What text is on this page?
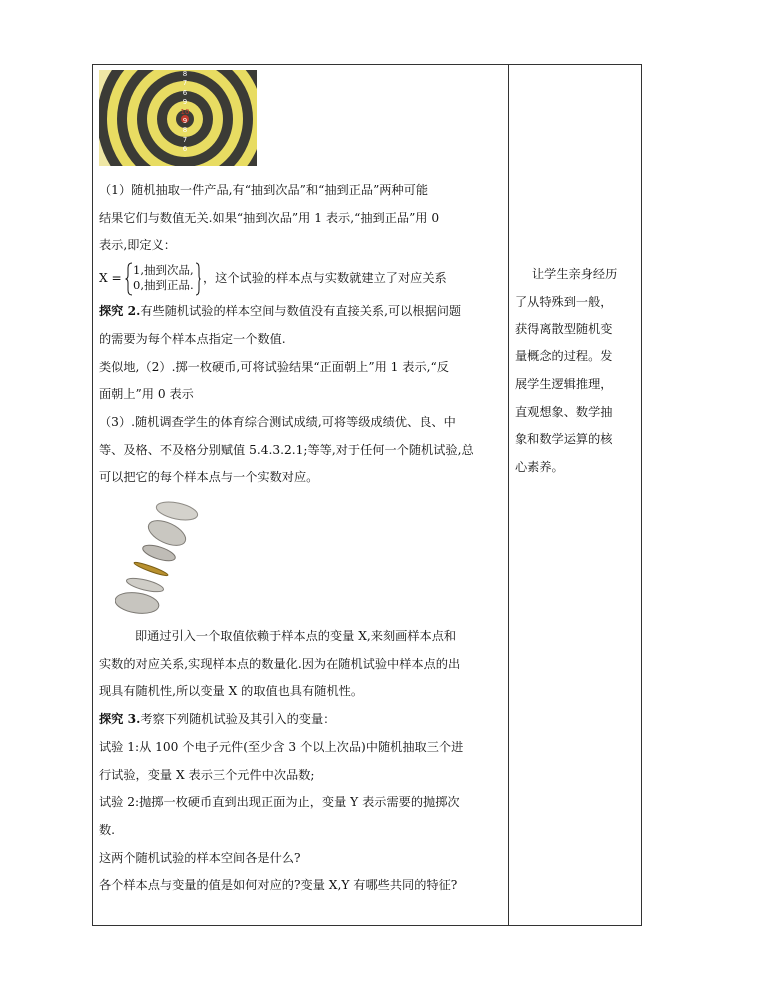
8
7
6
9
10
9
8
7
6
（1）随机抽取一件产品,有“抽到次品”和“抽到正品”两种可能
结果它们与数值无关.如果“抽到次品”用 1 表示,“抽到正品”用 0
表示,即定义：
X =
1,抽到次品,
0,抽到正品. ，这个试验的样本点与实数就建立了对应关系
探究 2.有些随机试验的样本空间与数值没有直接关系,可以根据问题
的需要为每个样本点指定一个数值.
类似地,（2）.掷一枚硬币,可将试验结果“正面朝上”用 1 表示,“反
面朝上”用 0 表示
（3）.随机调查学生的体育综合测试成绩,可将等级成绩优、良、中
等、及格、不及格分别赋值 5.4.3.2.1;等等,对于任何一个随机试验,总
可以把它的每个样本点与一个实数对应。
即通过引入一个取值依赖于样本点的变量 X,来刻画样本点和
实数的对应关系,实现样本点的数量化.因为在随机试验中样本点的出
现具有随机性,所以变量 X 的取值也具有随机性。
探究 3.考察下列随机试验及其引入的变量：
试验 1:从 100 个电子元件(至少含 3 个以上次品)中随机抽取三个进
行试验，变量 X 表示三个元件中次品数;
试验 2:抛掷一枚硬币直到出现正面为止，变量 Y 表示需要的抛掷次
数.
这两个随机试验的样本空间各是什么?
各个样本点与变量的值是如何对应的?变量 X,Y 有哪些共同的特征?
让学生亲身经历
了从特殊到一般，
获得离散型随机变
量概念的过程。发
展学生逻辑推理，
直观想象、数学抽
象和数学运算的核
心素养。
